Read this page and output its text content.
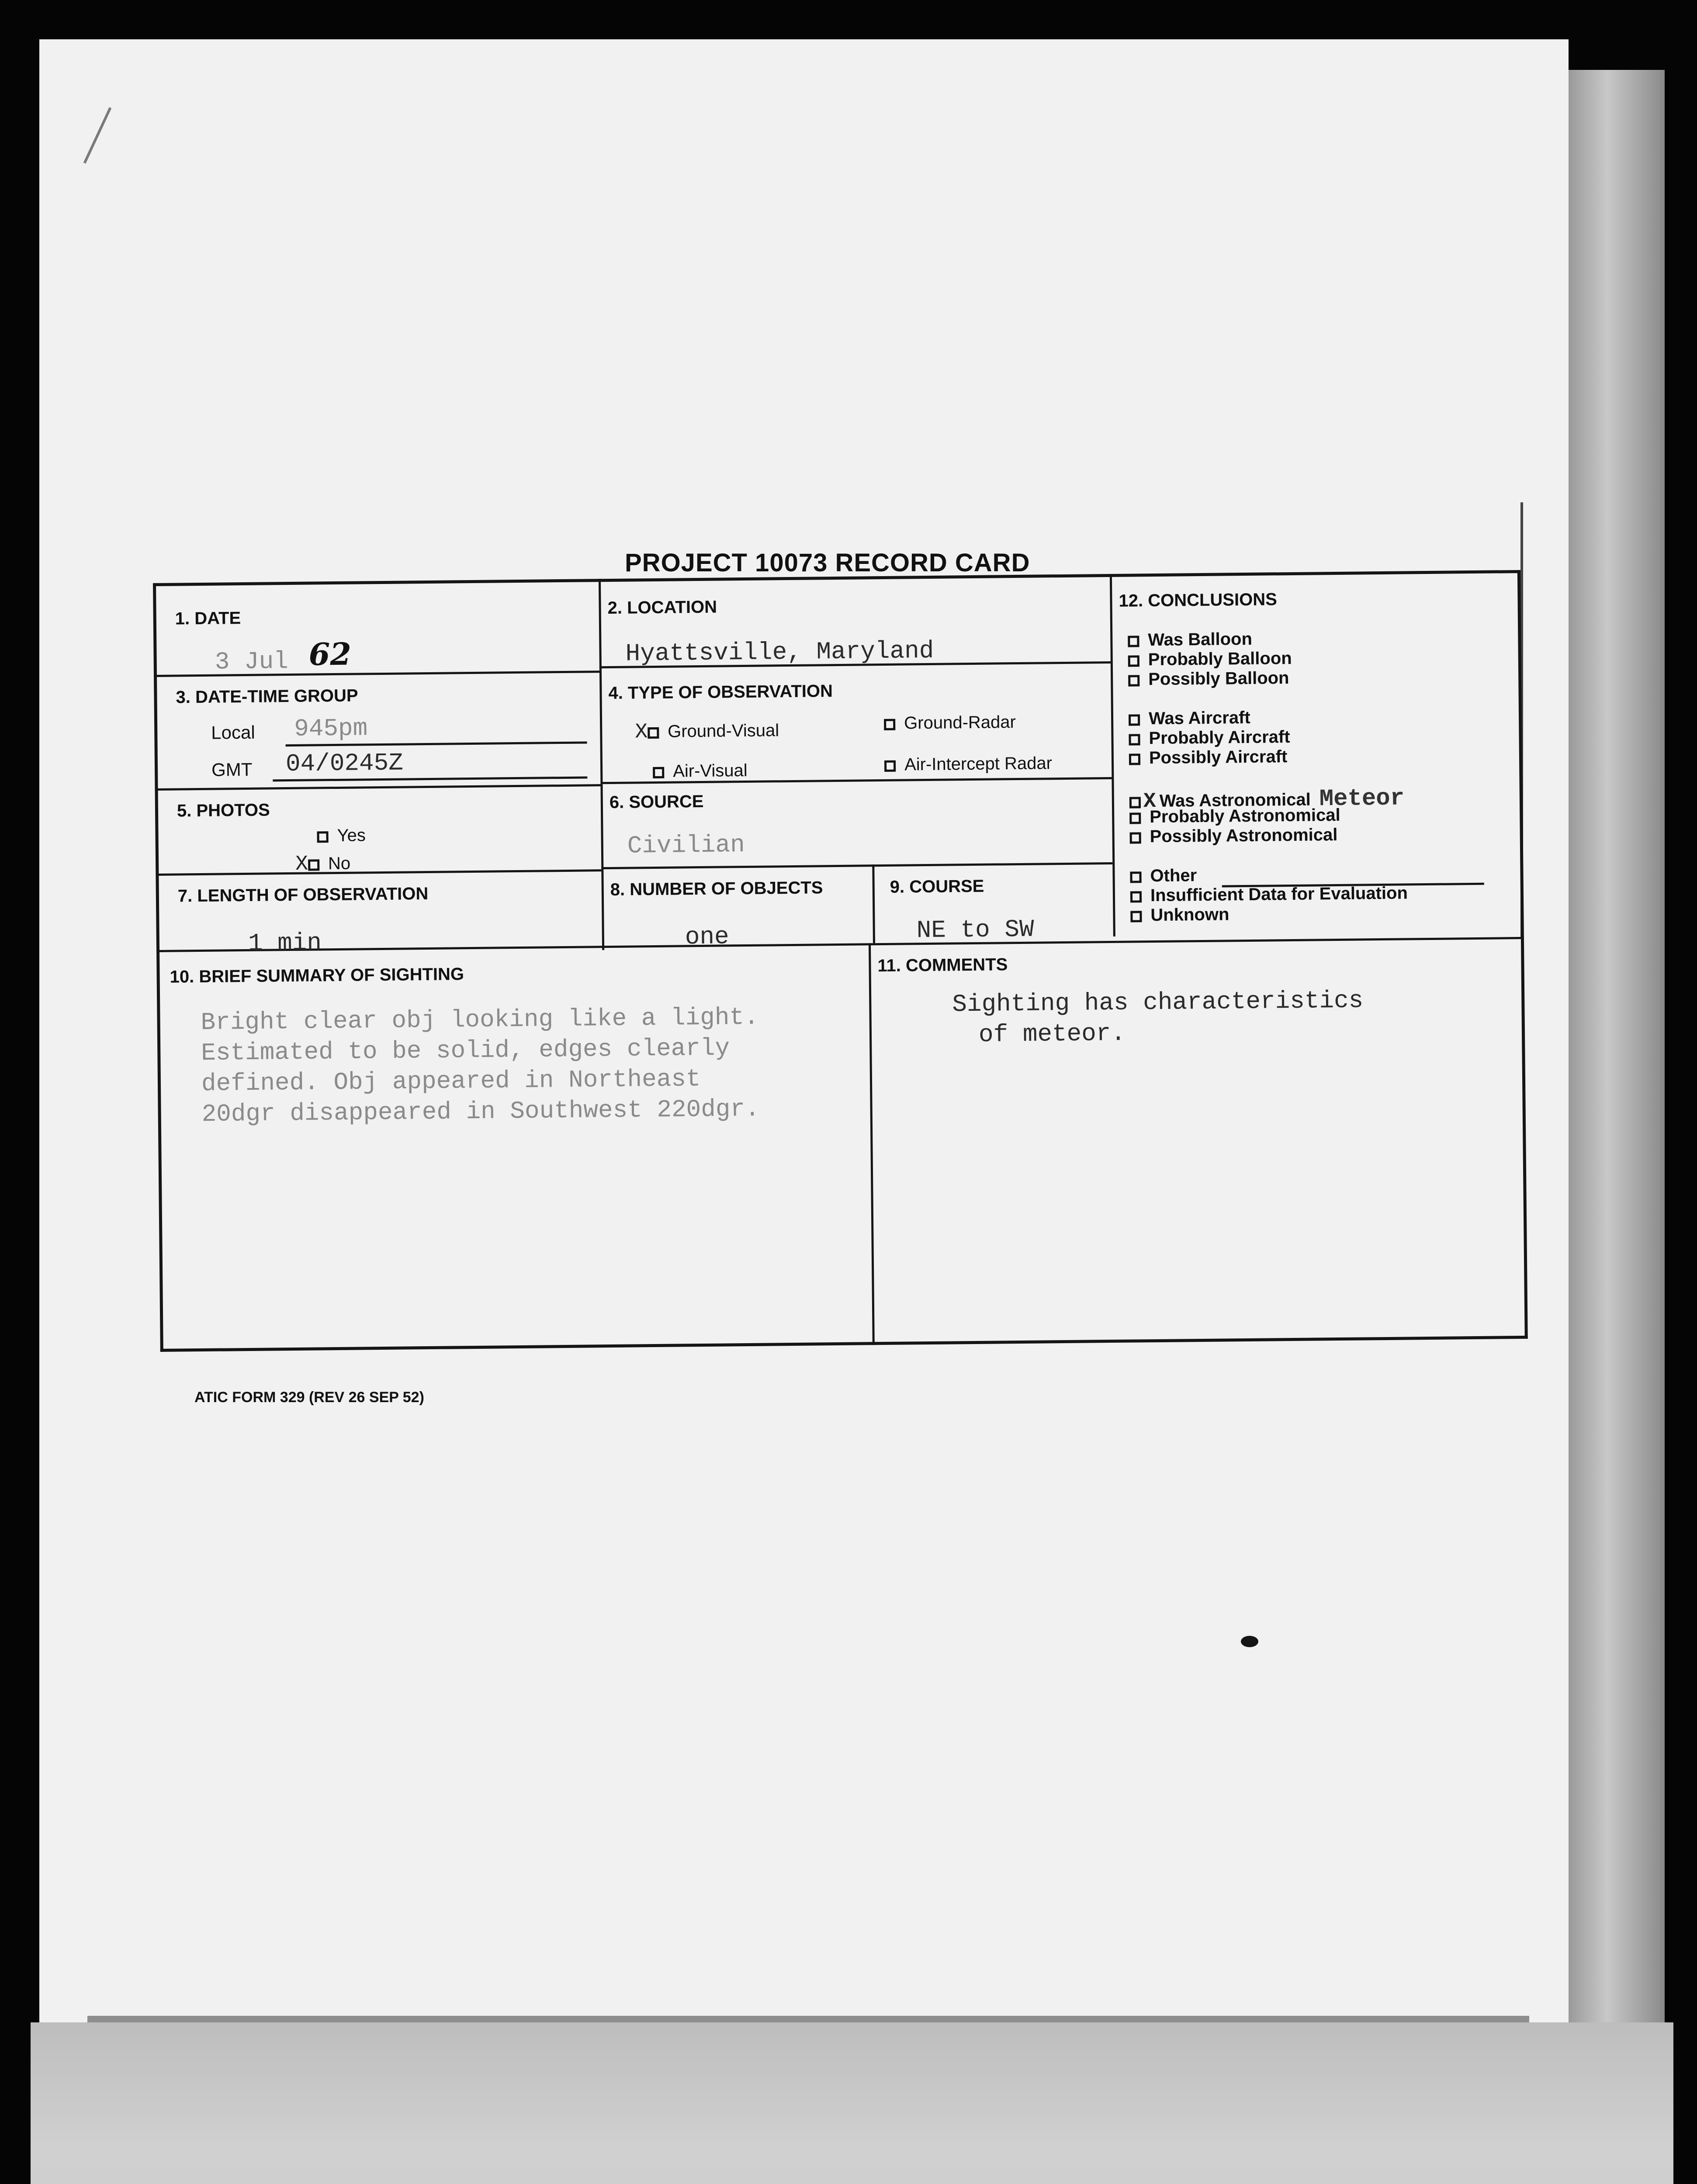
PROJECT 10073 RECORD CARD
1. DATE
3 Jul 62
2. LOCATION
Hyattsville, Maryland
3. DATE-TIME GROUP
Local 945pm
GMT 04/0245Z
4. TYPE OF OBSERVATION
X Ground-Visual	Ground-Radar
Air-Visual	Air-Intercept Radar
5. PHOTOS
Yes
X No
6. SOURCE
Civilian
7. LENGTH OF OBSERVATION
1 min
8. NUMBER OF OBJECTS
one
9. COURSE
NE to SW
10. BRIEF SUMMARY OF SIGHTING
Bright clear obj looking like a light.
Estimated to be solid, edges clearly
defined. Obj appeared in Northeast
20dgr disappeared in Southwest 220dgr.
11. COMMENTS
Sighting has characteristics
of meteor.
12. CONCLUSIONS
Was Balloon
Probably Balloon
Possibly Balloon
Was Aircraft
Probably Aircraft
Possibly Aircraft
X Was Astronomical Meteor
Probably Astronomical
Possibly Astronomical
Other
Insufficient Data for Evaluation
Unknown
ATIC FORM 329 (REV 26 SEP 52)
